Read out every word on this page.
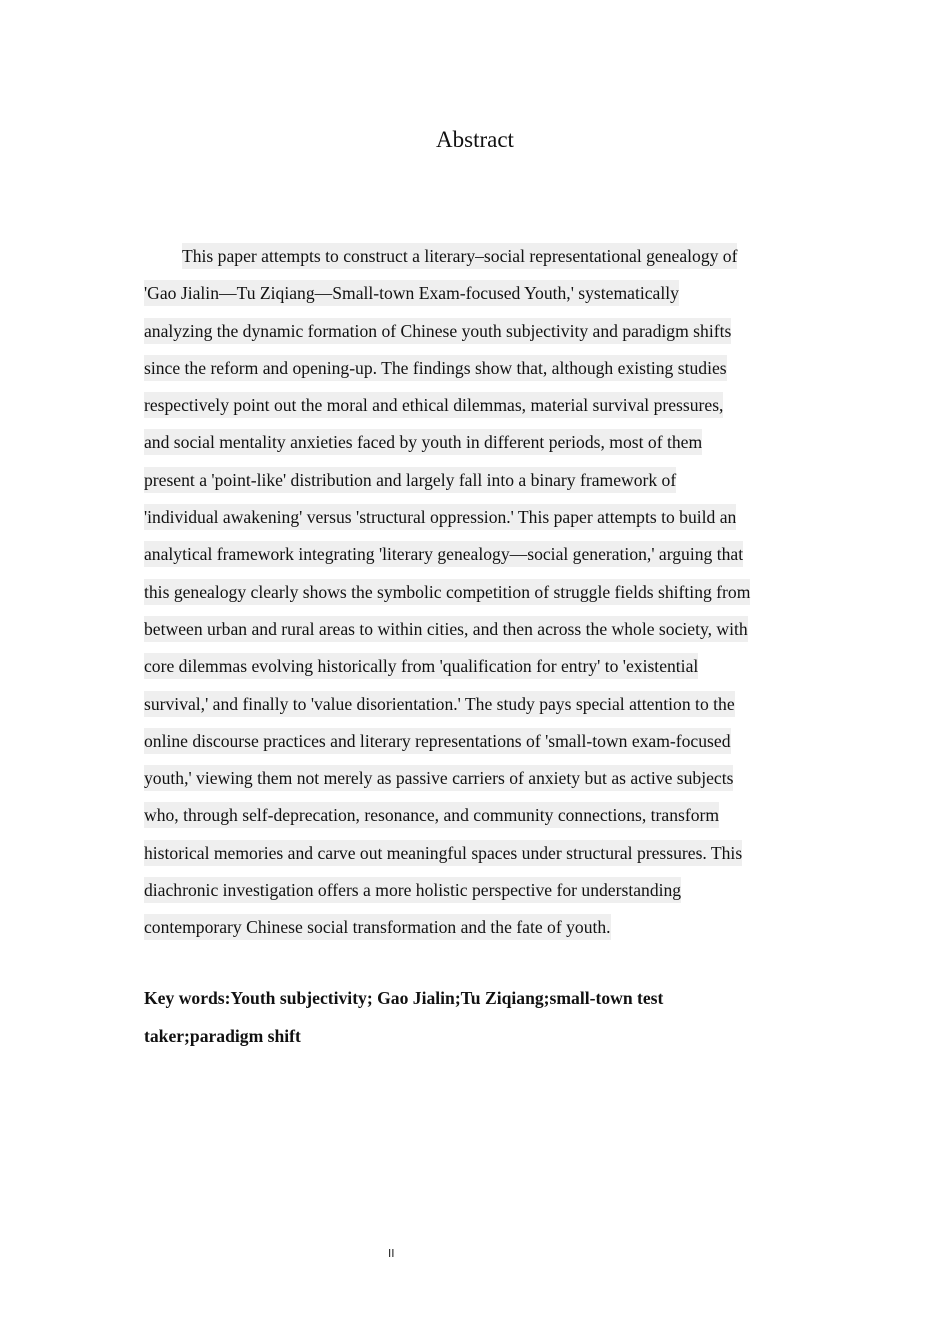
Abstract
This paper attempts to construct a literary–social representational genealogy of
'Gao Jialin—Tu Ziqiang—Small-town Exam-focused Youth,' systematically
analyzing the dynamic formation of Chinese youth subjectivity and paradigm shifts
since the reform and opening-up. The findings show that, although existing studies
respectively point out the moral and ethical dilemmas, material survival pressures,
and social mentality anxieties faced by youth in different periods, most of them
present a 'point-like' distribution and largely fall into a binary framework of
'individual awakening' versus 'structural oppression.' This paper attempts to build an
analytical framework integrating 'literary genealogy—social generation,' arguing that
this genealogy clearly shows the symbolic competition of struggle fields shifting from
between urban and rural areas to within cities, and then across the whole society, with
core dilemmas evolving historically from 'qualification for entry' to 'existential
survival,' and finally to 'value disorientation.' The study pays special attention to the
online discourse practices and literary representations of 'small-town exam-focused
youth,' viewing them not merely as passive carriers of anxiety but as active subjects
who, through self-deprecation, resonance, and community connections, transform
historical memories and carve out meaningful spaces under structural pressures. This
diachronic investigation offers a more holistic perspective for understanding
contemporary Chinese social transformation and the fate of youth.
Key words:Youth subjectivity; Gao Jialin;Tu Ziqiang;small-town test
taker;paradigm shift
II
